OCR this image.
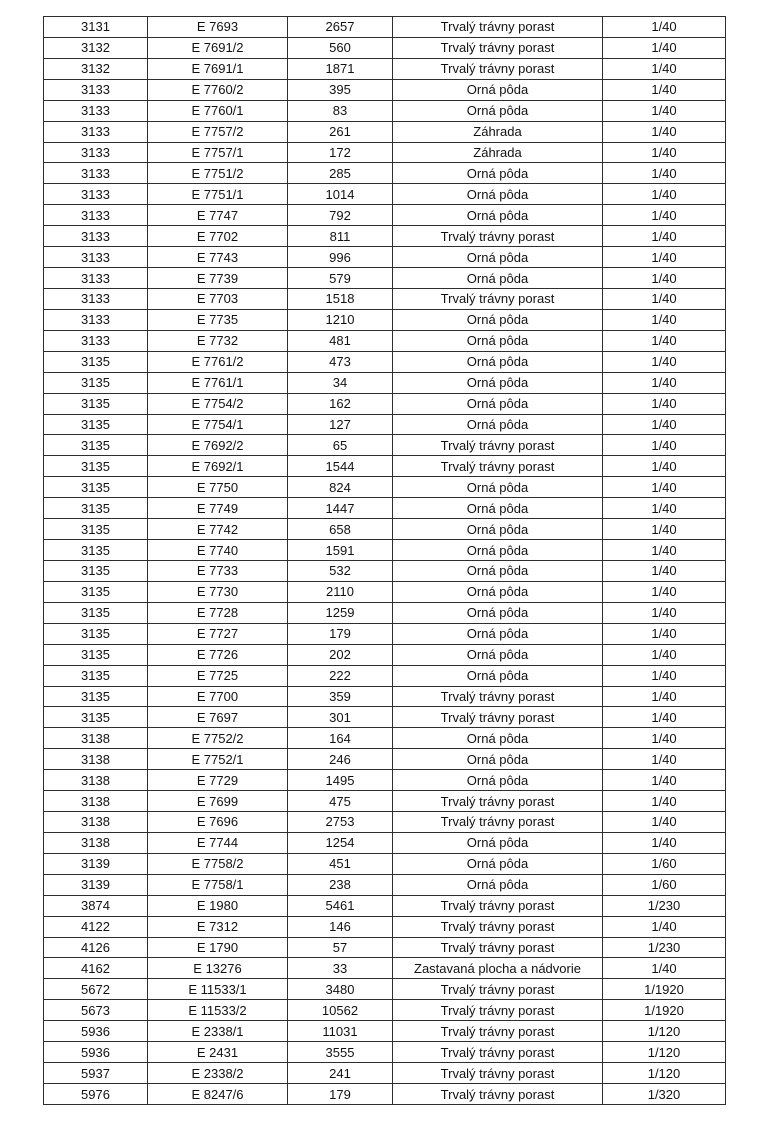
3131	E 7693	2657	Trvalý trávny porast	1/40
3132	E 7691/2	560	Trvalý trávny porast	1/40
3132	E 7691/1	1871	Trvalý trávny porast	1/40
3133	E 7760/2	395	Orná pôda	1/40
3133	E 7760/1	83	Orná pôda	1/40
3133	E 7757/2	261	Záhrada	1/40
3133	E 7757/1	172	Záhrada	1/40
3133	E 7751/2	285	Orná pôda	1/40
3133	E 7751/1	1014	Orná pôda	1/40
3133	E 7747	792	Orná pôda	1/40
3133	E 7702	811	Trvalý trávny porast	1/40
3133	E 7743	996	Orná pôda	1/40
3133	E 7739	579	Orná pôda	1/40
3133	E 7703	1518	Trvalý trávny porast	1/40
3133	E 7735	1210	Orná pôda	1/40
3133	E 7732	481	Orná pôda	1/40
3135	E 7761/2	473	Orná pôda	1/40
3135	E 7761/1	34	Orná pôda	1/40
3135	E 7754/2	162	Orná pôda	1/40
3135	E 7754/1	127	Orná pôda	1/40
3135	E 7692/2	65	Trvalý trávny porast	1/40
3135	E 7692/1	1544	Trvalý trávny porast	1/40
3135	E 7750	824	Orná pôda	1/40
3135	E 7749	1447	Orná pôda	1/40
3135	E 7742	658	Orná pôda	1/40
3135	E 7740	1591	Orná pôda	1/40
3135	E 7733	532	Orná pôda	1/40
3135	E 7730	2110	Orná pôda	1/40
3135	E 7728	1259	Orná pôda	1/40
3135	E 7727	179	Orná pôda	1/40
3135	E 7726	202	Orná pôda	1/40
3135	E 7725	222	Orná pôda	1/40
3135	E 7700	359	Trvalý trávny porast	1/40
3135	E 7697	301	Trvalý trávny porast	1/40
3138	E 7752/2	164	Orná pôda	1/40
3138	E 7752/1	246	Orná pôda	1/40
3138	E 7729	1495	Orná pôda	1/40
3138	E 7699	475	Trvalý trávny porast	1/40
3138	E 7696	2753	Trvalý trávny porast	1/40
3138	E 7744	1254	Orná pôda	1/40
3139	E 7758/2	451	Orná pôda	1/60
3139	E 7758/1	238	Orná pôda	1/60
3874	E 1980	5461	Trvalý trávny porast	1/230
4122	E 7312	146	Trvalý trávny porast	1/40
4126	E 1790	57	Trvalý trávny porast	1/230
4162	E 13276	33	Zastavaná plocha a nádvorie	1/40
5672	E 11533/1	3480	Trvalý trávny porast	1/1920
5673	E 11533/2	10562	Trvalý trávny porast	1/1920
5936	E 2338/1	11031	Trvalý trávny porast	1/120
5936	E 2431	3555	Trvalý trávny porast	1/120
5937	E 2338/2	241	Trvalý trávny porast	1/120
5976	E 8247/6	179	Trvalý trávny porast	1/320
